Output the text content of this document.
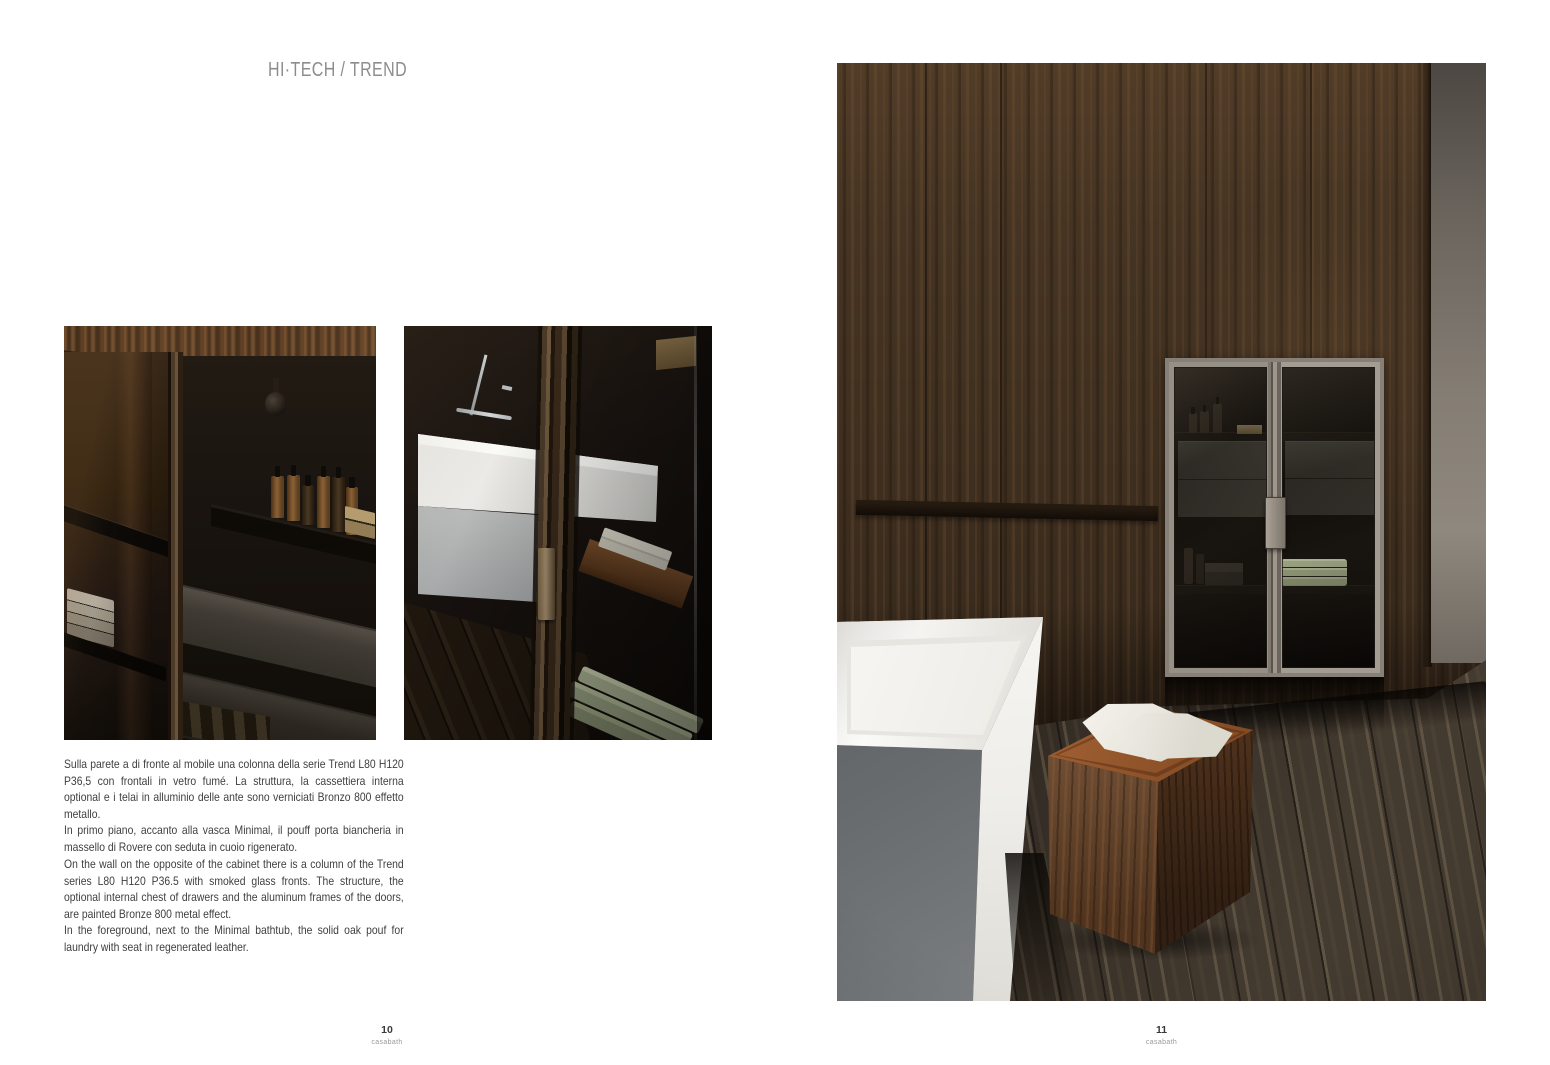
HI·TECH / TREND

Sulla parete a di fronte al mobile una colonna della serie Trend L80 H120 P36,5 con frontali in vetro fumé. La struttura, la cassettiera interna optional e i telai in alluminio delle ante sono verniciati Bronzo 800 effetto metallo.

In primo piano, accanto alla vasca Minimal, il pouff porta biancheria in massello di Rovere con seduta in cuoio rigenerato.

On the wall on the opposite of the cabinet there is a column of the Trend series L80 H120 P36.5 with smoked glass fronts. The structure, the optional internal chest of drawers and the aluminum frames of the doors, are painted Bronze 800 metal effect.

In the foreground, next to the Minimal bathtub, the solid oak pouf for laundry with seat in regenerated leather.

10
casabath
11
casabath
